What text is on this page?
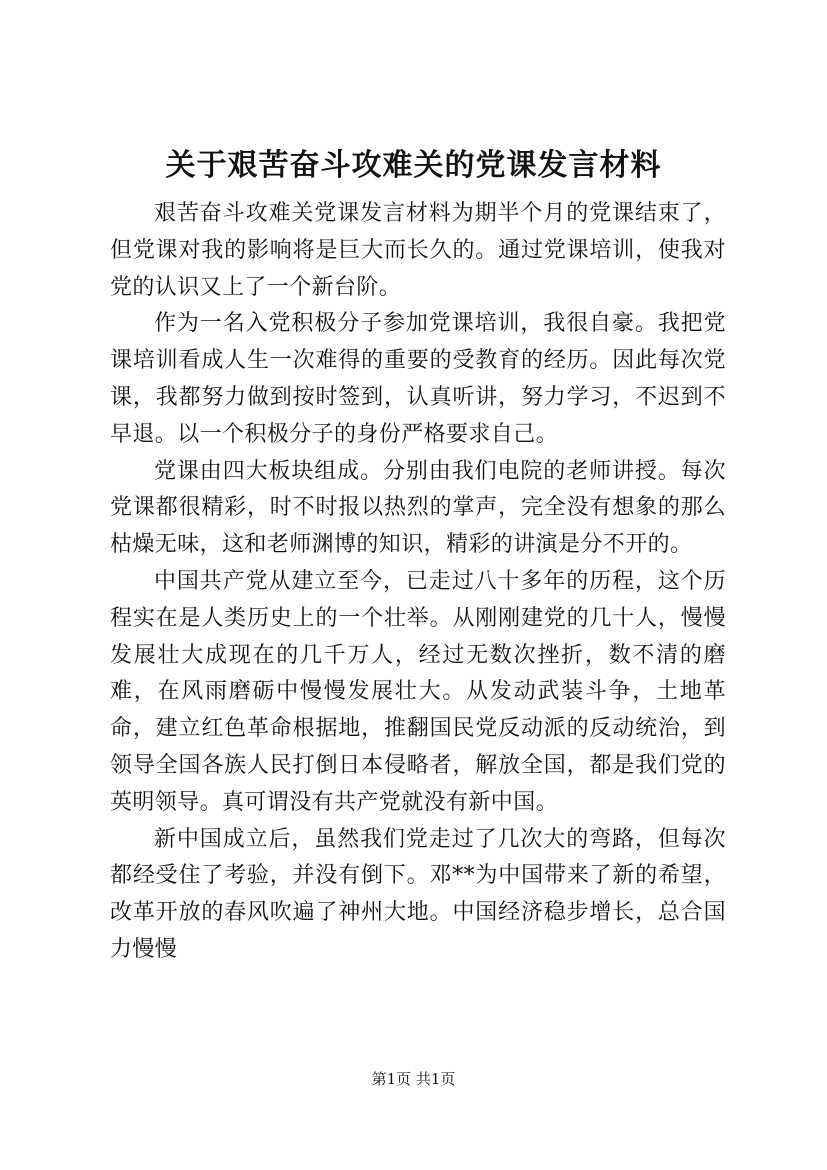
关于艰苦奋斗攻难关的党课发言材料

艰苦奋斗攻难关党课发言材料为期半个月的党课结束了，但党课对我的影响将是巨大而长久的。通过党课培训，使我对党的认识又上了一个新台阶。

作为一名入党积极分子参加党课培训，我很自豪。我把党课培训看成人生一次难得的重要的受教育的经历。因此每次党课，我都努力做到按时签到，认真听讲，努力学习，不迟到不早退。以一个积极分子的身份严格要求自己。

党课由四大板块组成。分别由我们电院的老师讲授。每次党课都很精彩，时不时报以热烈的掌声，完全没有想象的那么枯燥无味，这和老师渊博的知识，精彩的讲演是分不开的。

中国共产党从建立至今，已走过八十多年的历程，这个历程实在是人类历史上的一个壮举。从刚刚建党的几十人，慢慢发展壮大成现在的几千万人，经过无数次挫折，数不清的磨难，在风雨磨砺中慢慢发展壮大。从发动武装斗争，土地革命，建立红色革命根据地，推翻国民党反动派的反动统治，到领导全国各族人民打倒日本侵略者，解放全国，都是我们党的英明领导。真可谓没有共产党就没有新中国。

新中国成立后，虽然我们党走过了几次大的弯路，但每次都经受住了考验，并没有倒下。邓**为中国带来了新的希望，改革开放的春风吹遍了神州大地。中国经济稳步增长，总合国力慢慢

第1页 共1页
